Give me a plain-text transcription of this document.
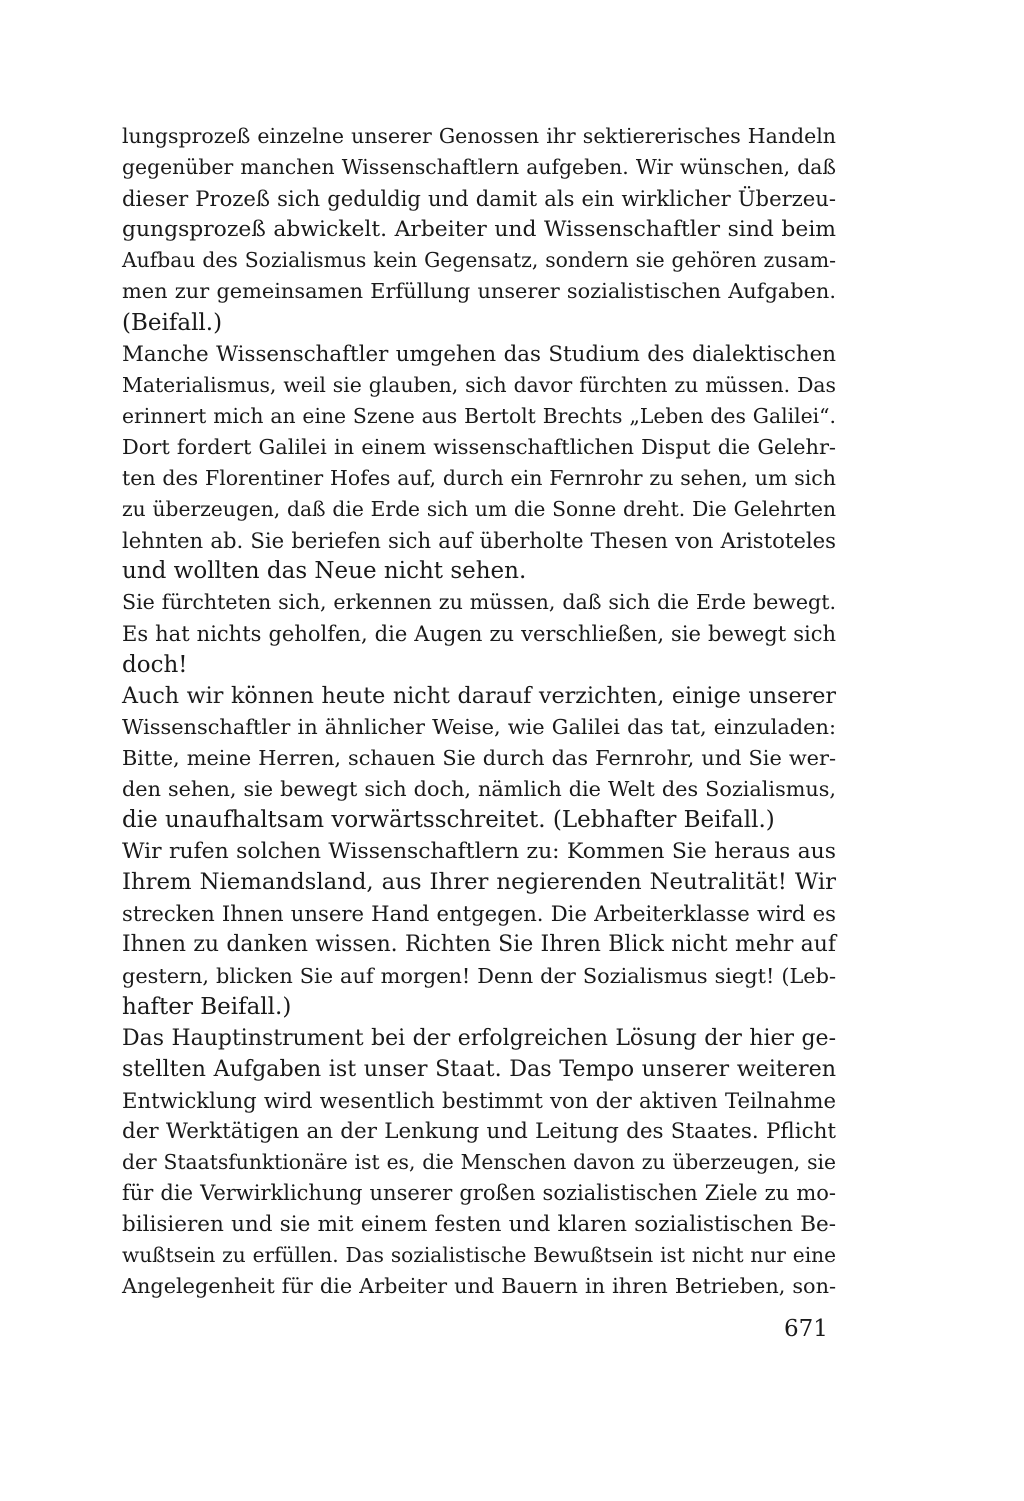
lungsprozeß einzelne unserer Genossen ihr sektiererisches Handeln
gegenüber manchen Wissenschaftlern aufgeben. Wir wünschen, daß
dieser Prozeß sich geduldig und damit als ein wirklicher Überzeu-
gungsprozeß abwickelt. Arbeiter und Wissenschaftler sind beim
Aufbau des Sozialismus kein Gegensatz, sondern sie gehören zusam-
men zur gemeinsamen Erfüllung unserer sozialistischen Aufgaben.
(Beifall.)
Manche Wissenschaftler umgehen das Studium des dialektischen
Materialismus, weil sie glauben, sich davor fürchten zu müssen. Das
erinnert mich an eine Szene aus Bertolt Brechts „Leben des Galilei“.
Dort fordert Galilei in einem wissenschaftlichen Disput die Gelehr-
ten des Florentiner Hofes auf, durch ein Fernrohr zu sehen, um sich
zu überzeugen, daß die Erde sich um die Sonne dreht. Die Gelehrten
lehnten ab. Sie beriefen sich auf überholte Thesen von Aristoteles
und wollten das Neue nicht sehen.
Sie fürchteten sich, erkennen zu müssen, daß sich die Erde bewegt.
Es hat nichts geholfen, die Augen zu verschließen, sie bewegt sich
doch!
Auch wir können heute nicht darauf verzichten, einige unserer
Wissenschaftler in ähnlicher Weise, wie Galilei das tat, einzuladen:
Bitte, meine Herren, schauen Sie durch das Fernrohr, und Sie wer-
den sehen, sie bewegt sich doch, nämlich die Welt des Sozialismus,
die unaufhaltsam vorwärtsschreitet. (Lebhafter Beifall.)
Wir rufen solchen Wissenschaftlern zu: Kommen Sie heraus aus
Ihrem Niemandsland, aus Ihrer negierenden Neutralität! Wir
strecken Ihnen unsere Hand entgegen. Die Arbeiterklasse wird es
Ihnen zu danken wissen. Richten Sie Ihren Blick nicht mehr auf
gestern, blicken Sie auf morgen! Denn der Sozialismus siegt! (Leb-
hafter Beifall.)
Das Hauptinstrument bei der erfolgreichen Lösung der hier ge-
stellten Aufgaben ist unser Staat. Das Tempo unserer weiteren
Entwicklung wird wesentlich bestimmt von der aktiven Teilnahme
der Werktätigen an der Lenkung und Leitung des Staates. Pflicht
der Staatsfunktionäre ist es, die Menschen davon zu überzeugen, sie
für die Verwirklichung unserer großen sozialistischen Ziele zu mo-
bilisieren und sie mit einem festen und klaren sozialistischen Be-
wußtsein zu erfüllen. Das sozialistische Bewußtsein ist nicht nur eine
Angelegenheit für die Arbeiter und Bauern in ihren Betrieben, son-
671
